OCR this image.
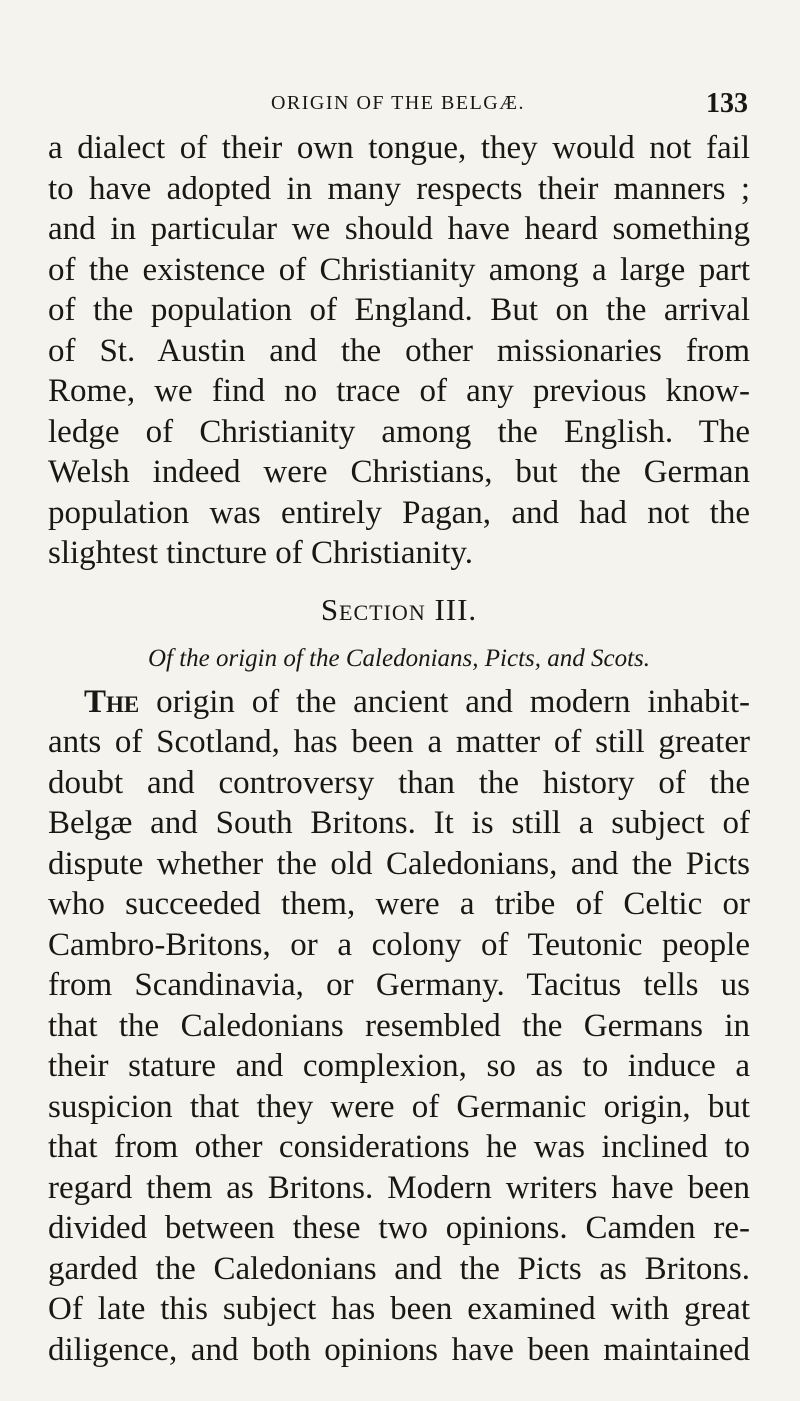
ORIGIN OF THE BELGÆ.	133
a dialect of their own tongue, they would not fail
to have adopted in many respects their manners ;
and in particular we should have heard something
of the existence of Christianity among a large part
of the population of England. But on the arrival
of St. Austin and the other missionaries from
Rome, we find no trace of any previous know-
ledge of Christianity among the English. The
Welsh indeed were Christians, but the German
population was entirely Pagan, and had not the
slightest tincture of Christianity.
Section III.
Of the origin of the Caledonians, Picts, and Scots.
The origin of the ancient and modern inhabit-
ants of Scotland, has been a matter of still greater
doubt and controversy than the history of the
Belgæ and South Britons. It is still a subject of
dispute whether the old Caledonians, and the Picts
who succeeded them, were a tribe of Celtic or
Cambro-Britons, or a colony of Teutonic people
from Scandinavia, or Germany. Tacitus tells us
that the Caledonians resembled the Germans in
their stature and complexion, so as to induce a
suspicion that they were of Germanic origin, but
that from other considerations he was inclined to
regard them as Britons. Modern writers have been
divided between these two opinions. Camden re-
garded the Caledonians and the Picts as Britons.
Of late this subject has been examined with great
diligence, and both opinions have been maintained
